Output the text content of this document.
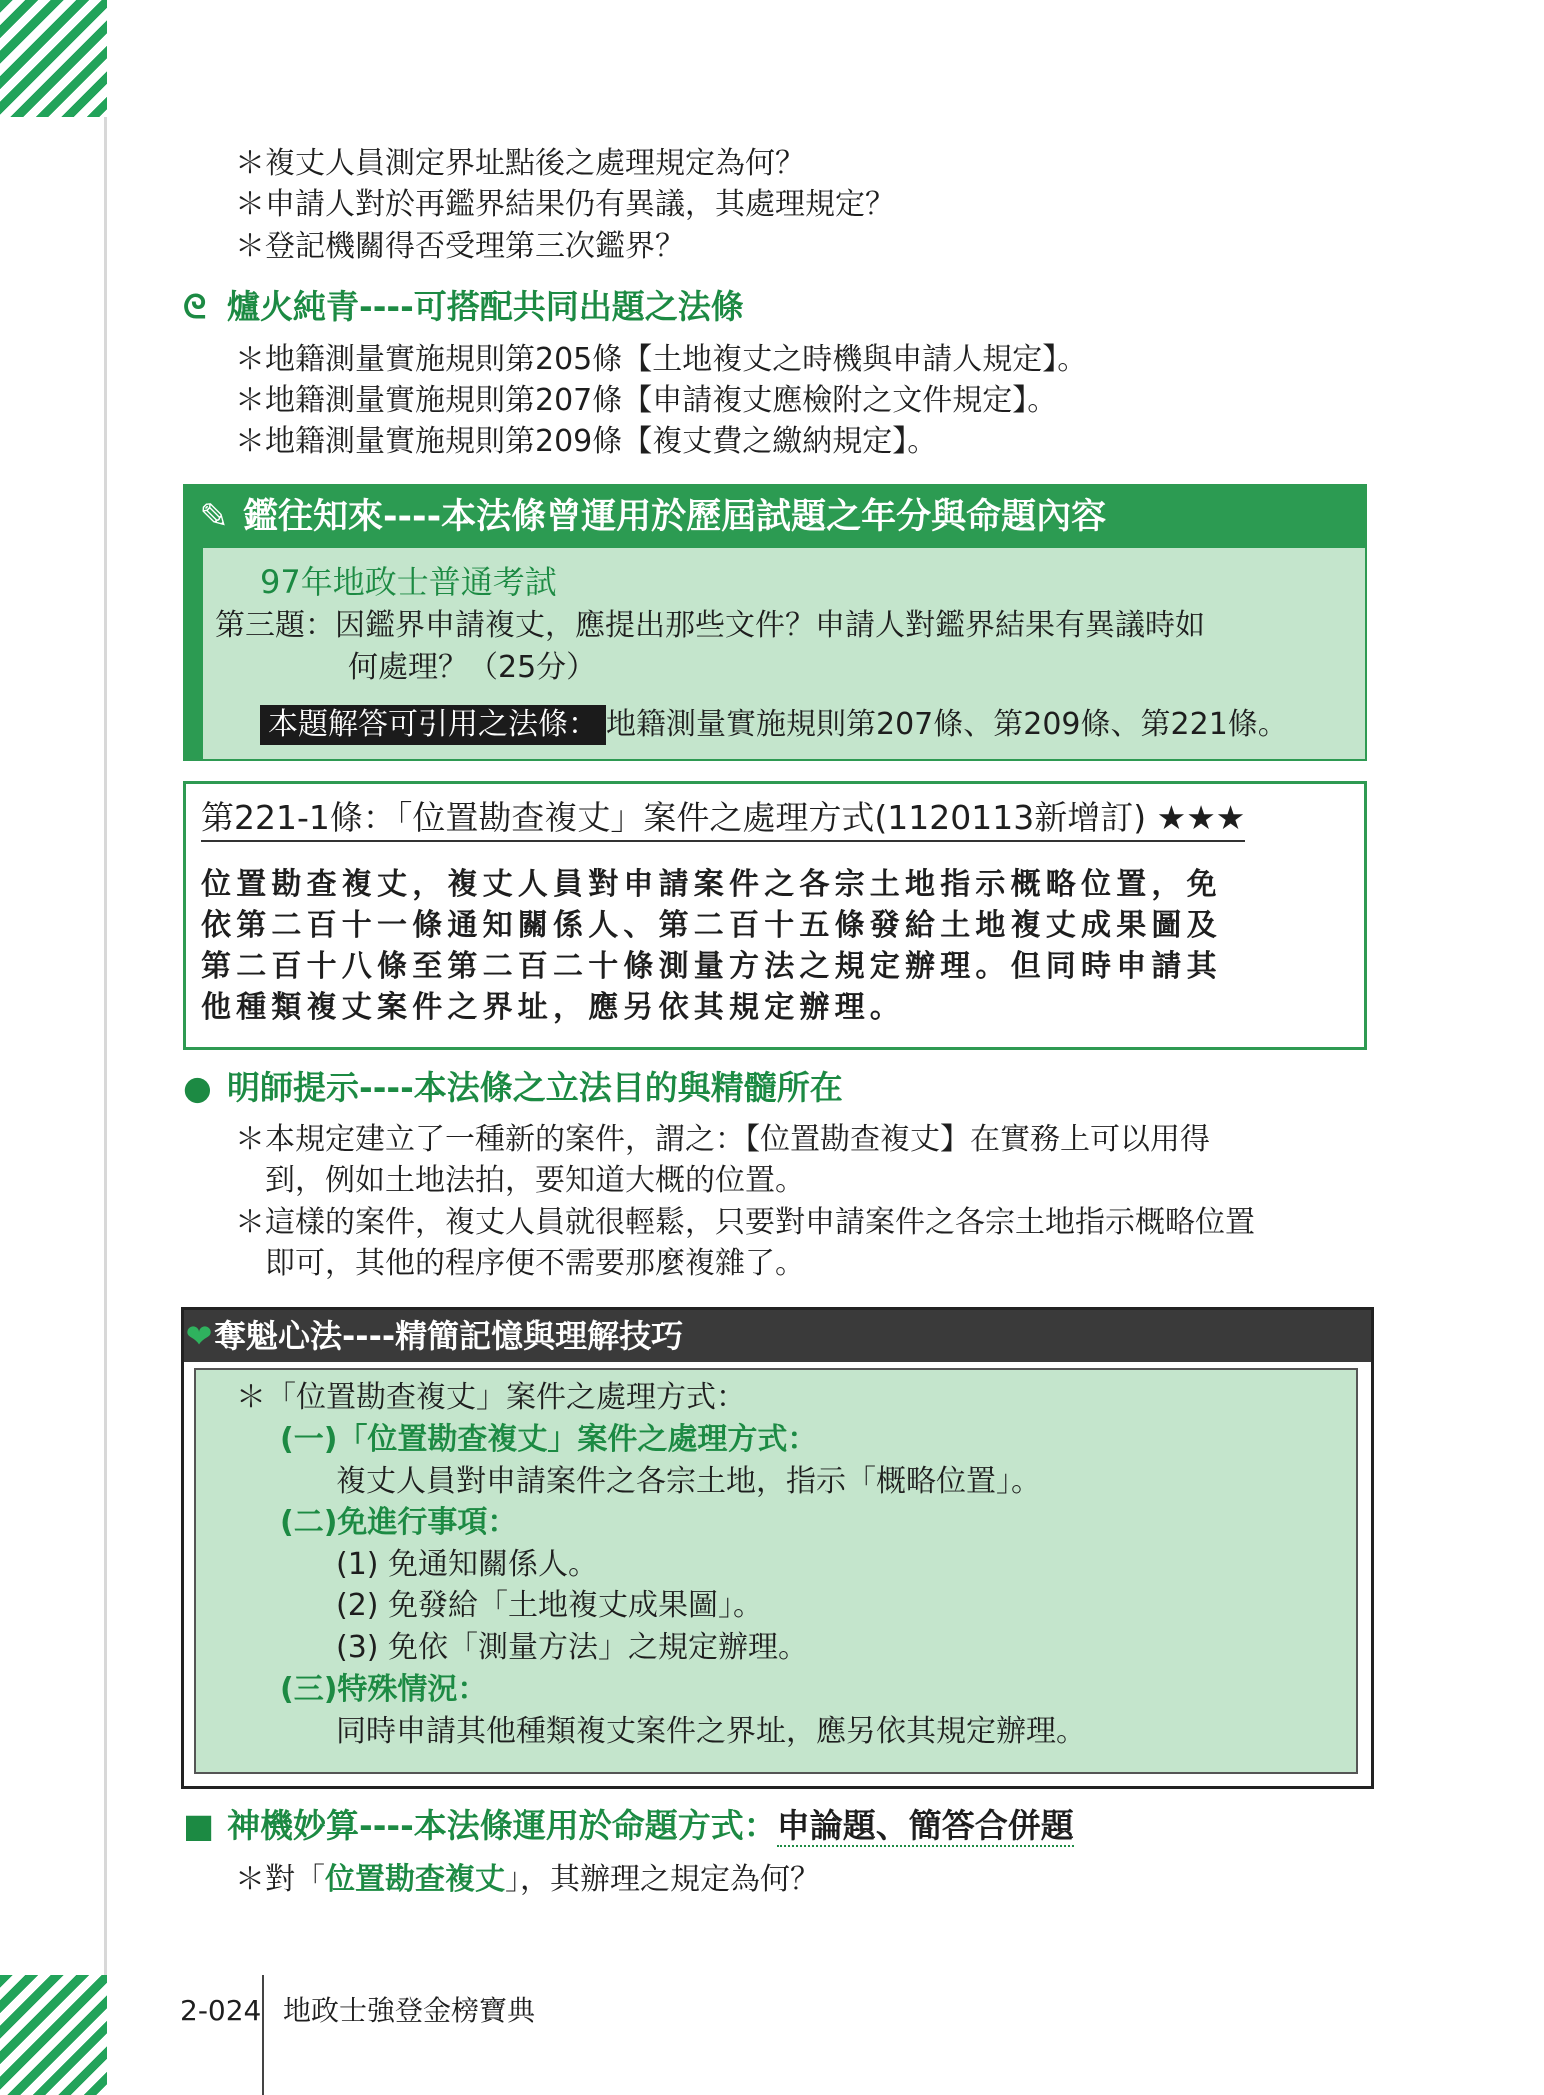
＊複丈人員測定界址點後之處理規定為何？
＊申請人對於再鑑界結果仍有異議，其處理規定？
＊登記機關得否受理第三次鑑界？
ᘓ 爐火純青----可搭配共同出題之法條
＊地籍測量實施規則第205條【土地複丈之時機與申請人規定】。
＊地籍測量實施規則第207條【申請複丈應檢附之文件規定】。
＊地籍測量實施規則第209條【複丈費之繳納規定】。
✎ 鑑往知來----本法條曾運用於歷屆試題之年分與命題內容
97年地政士普通考試
第三題：因鑑界申請複丈，應提出那些文件？申請人對鑑界結果有異議時如
何處理？（25分）
本題解答可引用之法條： 地籍測量實施規則第207條、第209條、第221條。
第221-1條：「位置勘查複丈」案件之處理方式(1120113新增訂) ★★★
位置勘查複丈，複丈人員對申請案件之各宗土地指示概略位置，免
依第二百十一條通知關係人、第二百十五條發給土地複丈成果圖及
第二百十八條至第二百二十條測量方法之規定辦理。但同時申請其
他種類複丈案件之界址，應另依其規定辦理。
● 明師提示----本法條之立法目的與精髓所在
＊本規定建立了一種新的案件，謂之：【位置勘查複丈】在實務上可以用得
到，例如土地法拍，要知道大概的位置。
＊這樣的案件，複丈人員就很輕鬆，只要對申請案件之各宗土地指示概略位置
即可，其他的程序便不需要那麼複雜了。
❤奪魁心法----精簡記憶與理解技巧
＊「位置勘查複丈」案件之處理方式：
(一)「位置勘查複丈」案件之處理方式：
複丈人員對申請案件之各宗土地，指示「概略位置」。
(二)免進行事項：
(1) 免通知關係人。
(2) 免發給「土地複丈成果圖」。
(3) 免依「測量方法」之規定辦理。
(三)特殊情況：
同時申請其他種類複丈案件之界址，應另依其規定辦理。
■ 神機妙算----本法條運用於命題方式：申論題、簡答合併題
＊對「位置勘查複丈」，其辦理之規定為何？
2-024 地政士強登金榜寶典
